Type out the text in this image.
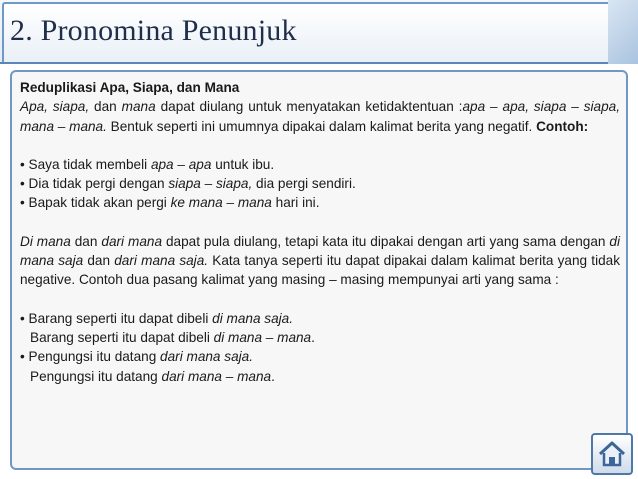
2. Pronomina Penunjuk

Reduplikasi Apa, Siapa, dan Mana

Apa, siapa, dan mana dapat diulang untuk menyatakan ketidaktentuan :apa – apa, siapa – siapa, mana – mana. Bentuk seperti ini umumnya dipakai dalam kalimat berita yang negatif. Contoh:

• Saya tidak membeli apa – apa untuk ibu.

• Dia tidak pergi dengan siapa – siapa, dia pergi sendiri.

• Bapak tidak akan pergi ke mana – mana hari ini.

Di mana dan dari mana dapat pula diulang, tetapi kata itu dipakai dengan arti yang sama dengan di mana saja dan dari mana saja. Kata tanya seperti itu dapat dipakai dalam kalimat berita yang tidak negative. Contoh dua pasang kalimat yang masing – masing mempunyai arti yang sama :

• Barang seperti itu dapat dibeli di mana saja.

Barang seperti itu dapat dibeli di mana – mana.

• Pengungsi itu datang dari mana saja.

Pengungsi itu datang dari mana – mana.
